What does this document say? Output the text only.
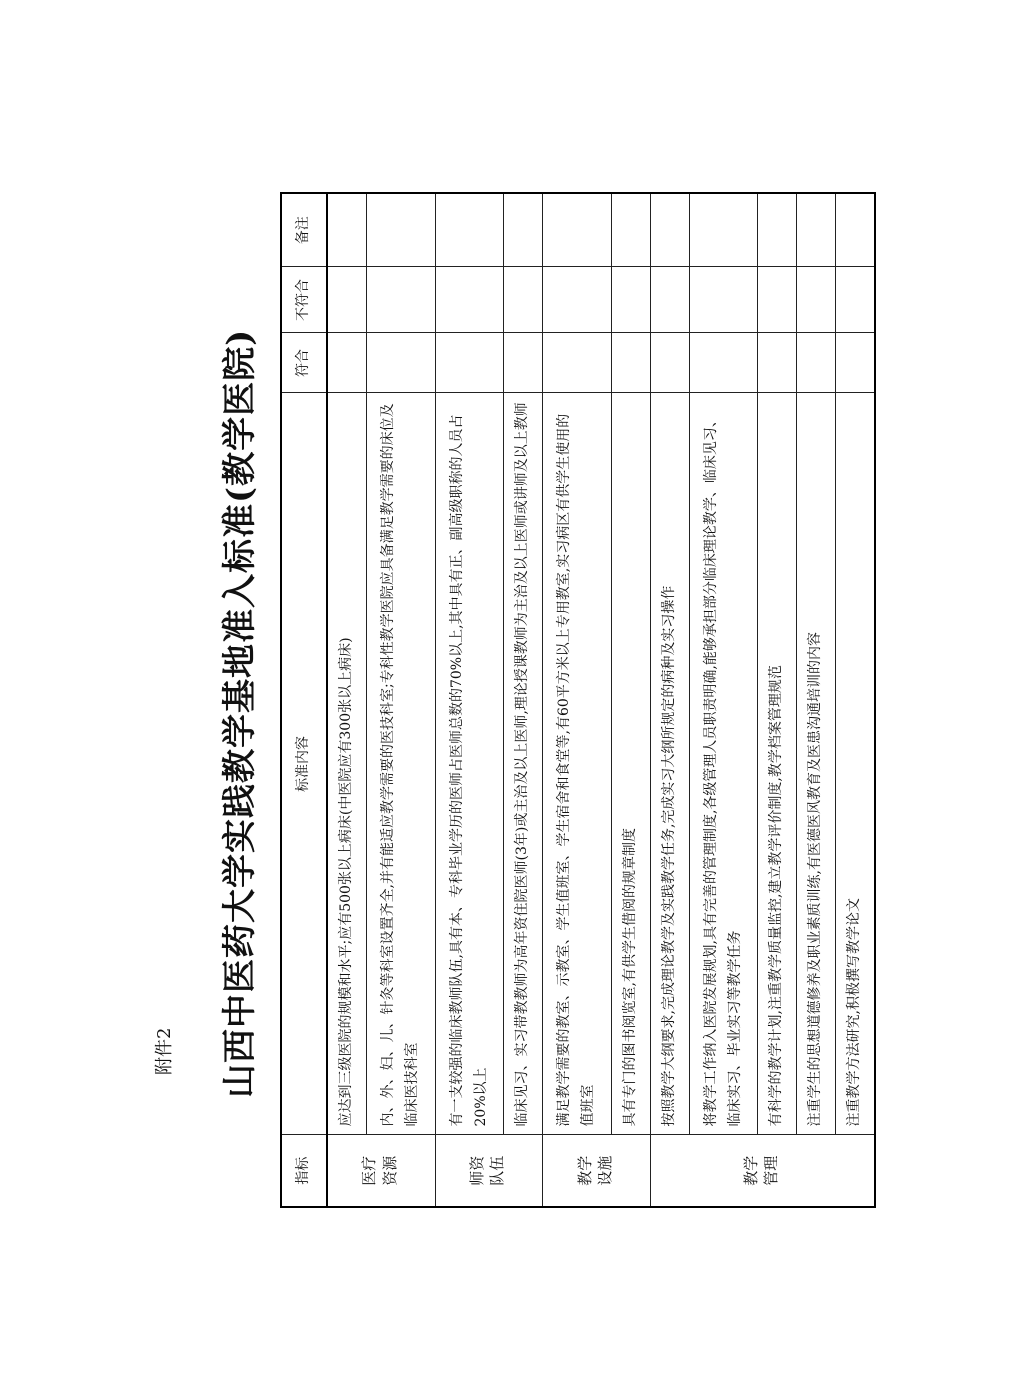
附件2 山西中医药大学实践教学基地准入标准(教学医院)
指标	标准内容	符合	不符合	备注
医疗资源	应达到三级医院的规模和水平;应有500张以上病床(中医院应有300张以上病床)			
	内、外、妇、儿、针灸等科室设置齐全,并有能适应教学需要的医技科室;专科性教学医院应具备满足教学需要的床位及临床医技科室			
师资队伍	有一支较强的临床教师队伍,具有本、专科毕业学历的医师占医师总数的70%以上,其中具有正、副高级职称的人员占20%以上			
	临床见习、实习带教教师为高年资住院医师(3年)或主治及以上医师,理论授课教师为主治及以上医师或讲师及以上教师			
教学设施	满足教学需要的教室、示教室、学生值班室、学生宿舍和食堂等,有60平方米以上专用教室,实习病区有供学生使用的值班室			
	具有专门的图书阅览室,有供学生借阅的规章制度			
教学管理	按照教学大纲要求,完成理论教学及实践教学任务,完成实习大纲所规定的病种及实习操作			
	将教学工作纳入医院发展规划,具有完善的管理制度,各级管理人员职责明确,能够承担部分临床理论教学、临床见习、临床实习、毕业实习等教学任务			
	有科学的教学计划,注重教学质量监控,建立教学评价制度,教学档案管理规范			
	注重学生的思想道德修养及职业素质训练,有医德医风教育及医患沟通培训的内容			
	注重教学方法研究,积极撰写教学论文			
